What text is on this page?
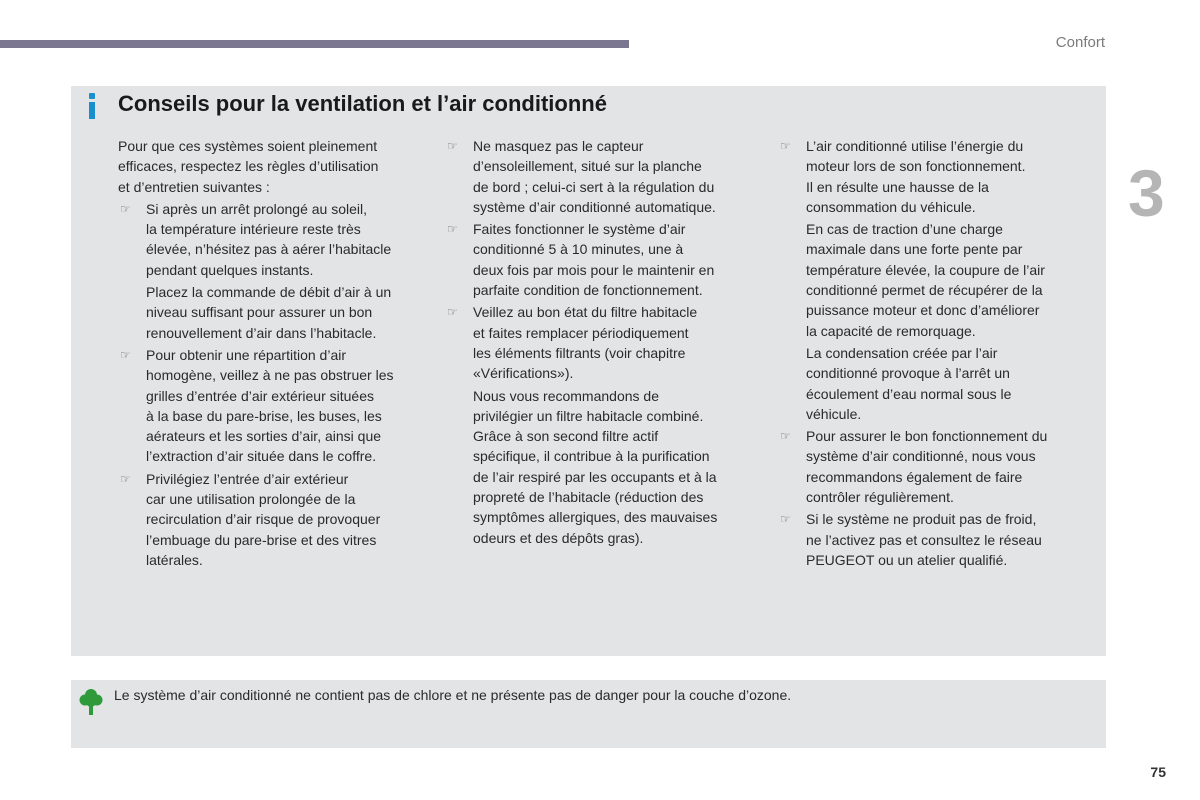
Confort
3
Conseils pour la ventilation et l’air conditionné

Pour que ces systèmes soient pleinement
efficaces, respectez les règles d’utilisation
et d’entretien suivantes :

☞	Si après un arrêt prolongé au soleil,
la température intérieure reste très
élevée, n’hésitez pas à aérer l’habitacle
pendant quelques instants.

Placez la commande de débit d’air à un
niveau suffisant pour assurer un bon
renouvellement d’air dans l’habitacle.

☞	Pour obtenir une répartition d’air
homogène, veillez à ne pas obstruer les
grilles d’entrée d’air extérieur situées
à la base du pare-brise, les buses, les
aérateurs et les sorties d’air, ainsi que
l’extraction d’air située dans le coffre.
☞	Privilégiez l’entrée d’air extérieur
car une utilisation prolongée de la
recirculation d’air risque de provoquer
l’embuage du pare-brise et des vitres
latérales.
☞	Ne masquez pas le capteur
d’ensoleillement, situé sur la planche
de bord ; celui-ci sert à la régulation du
système d’air conditionné automatique.
☞	Faites fonctionner le système d’air
conditionné 5 à 10 minutes, une à
deux fois par mois pour le maintenir en
parfaite condition de fonctionnement.
☞	Veillez au bon état du filtre habitacle
et faites remplacer périodiquement
les éléments filtrants (voir chapitre
«Vérifications»).

Nous vous recommandons de
privilégier un filtre habitacle combiné.
Grâce à son second filtre actif
spécifique, il contribue à la purification
de l’air respiré par les occupants et à la
propreté de l’habitacle (réduction des
symptômes allergiques, des mauvaises
odeurs et des dépôts gras).

☞	L’air conditionné utilise l’énergie du
moteur lors de son fonctionnement.
Il en résulte une hausse de la
consommation du véhicule.

En cas de traction d’une charge
maximale dans une forte pente par
température élevée, la coupure de l’air
conditionné permet de récupérer de la
puissance moteur et donc d’améliorer
la capacité de remorquage.

La condensation créée par l’air
conditionné provoque à l’arrêt un
écoulement d’eau normal sous le
véhicule.

☞	Pour assurer le bon fonctionnement du
système d’air conditionné, nous vous
recommandons également de faire
contrôler régulièrement.
☞	Si le système ne produit pas de froid,
ne l’activez pas et consultez le réseau
PEUGEOT ou un atelier qualifié.
Le système d’air conditionné ne contient pas de chlore et ne présente pas de danger pour la couche d’ozone.
75
